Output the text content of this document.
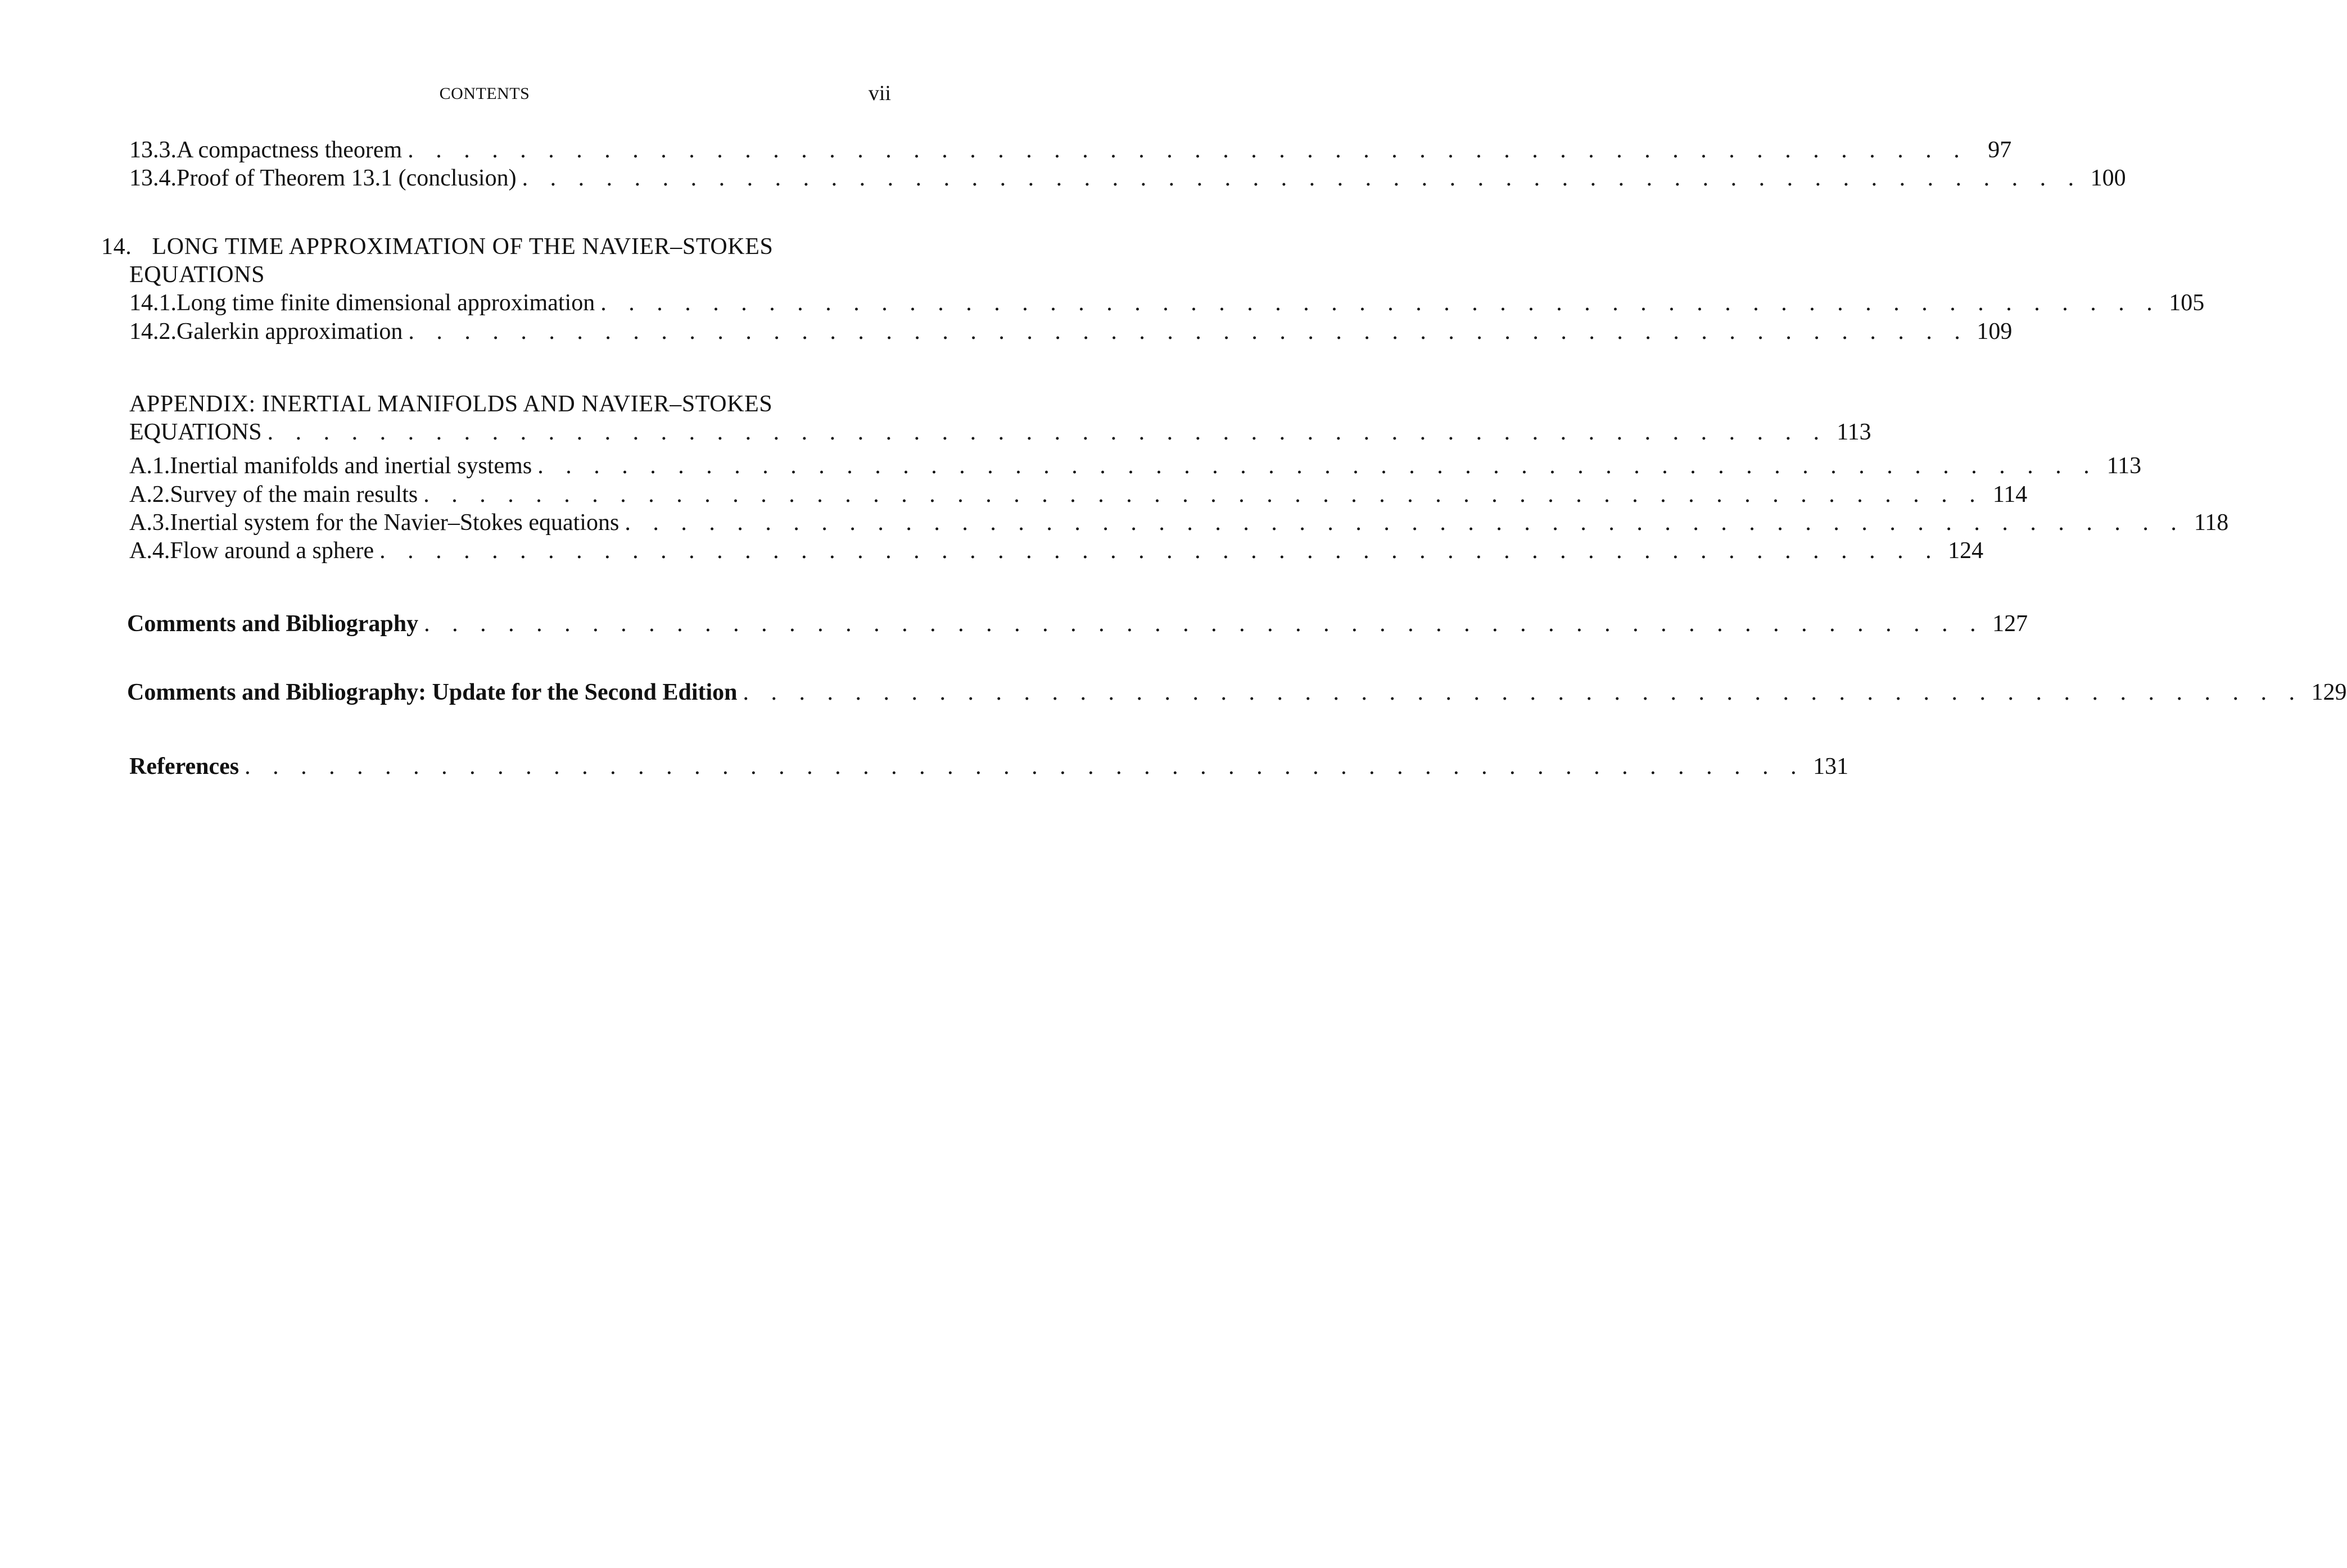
CONTENTS	vii
13.3. A compactness theorem . . . . . . . . . . . . . . . . . . . . . . . . . . . . . . . . . . . . . . . . . . . . . . . . . . . . . . . . 97
13.4. Proof of Theorem 13.1 (conclusion) . . . . . . . . . . . . . . . . . . . . . . . . . . . . . . . . . . . . . . . . . . . . . . . . . . . . . . . . 100
14. LONG TIME APPROXIMATION OF THE NAVIER–STOKES
EQUATIONS
14.1. Long time finite dimensional approximation . . . . . . . . . . . . . . . . . . . . . . . . . . . . . . . . . . . . . . . . . . . . . . . . . . . . . . . . 105
14.2. Galerkin approximation . . . . . . . . . . . . . . . . . . . . . . . . . . . . . . . . . . . . . . . . . . . . . . . . . . . . . . . . 109
APPENDIX: INERTIAL MANIFOLDS AND NAVIER–STOKES
EQUATIONS . . . . . . . . . . . . . . . . . . . . . . . . . . . . . . . . . . . . . . . . . . . . . . . . . . . . . . . . 113
A.1. Inertial manifolds and inertial systems . . . . . . . . . . . . . . . . . . . . . . . . . . . . . . . . . . . . . . . . . . . . . . . . . . . . . . . . 113
A.2. Survey of the main results . . . . . . . . . . . . . . . . . . . . . . . . . . . . . . . . . . . . . . . . . . . . . . . . . . . . . . . . 114
A.3. Inertial system for the Navier–Stokes equations . . . . . . . . . . . . . . . . . . . . . . . . . . . . . . . . . . . . . . . . . . . . . . . . . . . . . . . . 118
A.4. Flow around a sphere . . . . . . . . . . . . . . . . . . . . . . . . . . . . . . . . . . . . . . . . . . . . . . . . . . . . . . . . 124
Comments and Bibliography . . . . . . . . . . . . . . . . . . . . . . . . . . . . . . . . . . . . . . . . . . . . . . . . . . . . . . . . 127
Comments and Bibliography: Update for the Second Edition . . . . . . . . . . . . . . . . . . . . . . . . . . . . . . . . . . . . . . . . . . . . . . . . . . . . . . . . 129
References . . . . . . . . . . . . . . . . . . . . . . . . . . . . . . . . . . . . . . . . . . . . . . . . . . . . . . . . 131
